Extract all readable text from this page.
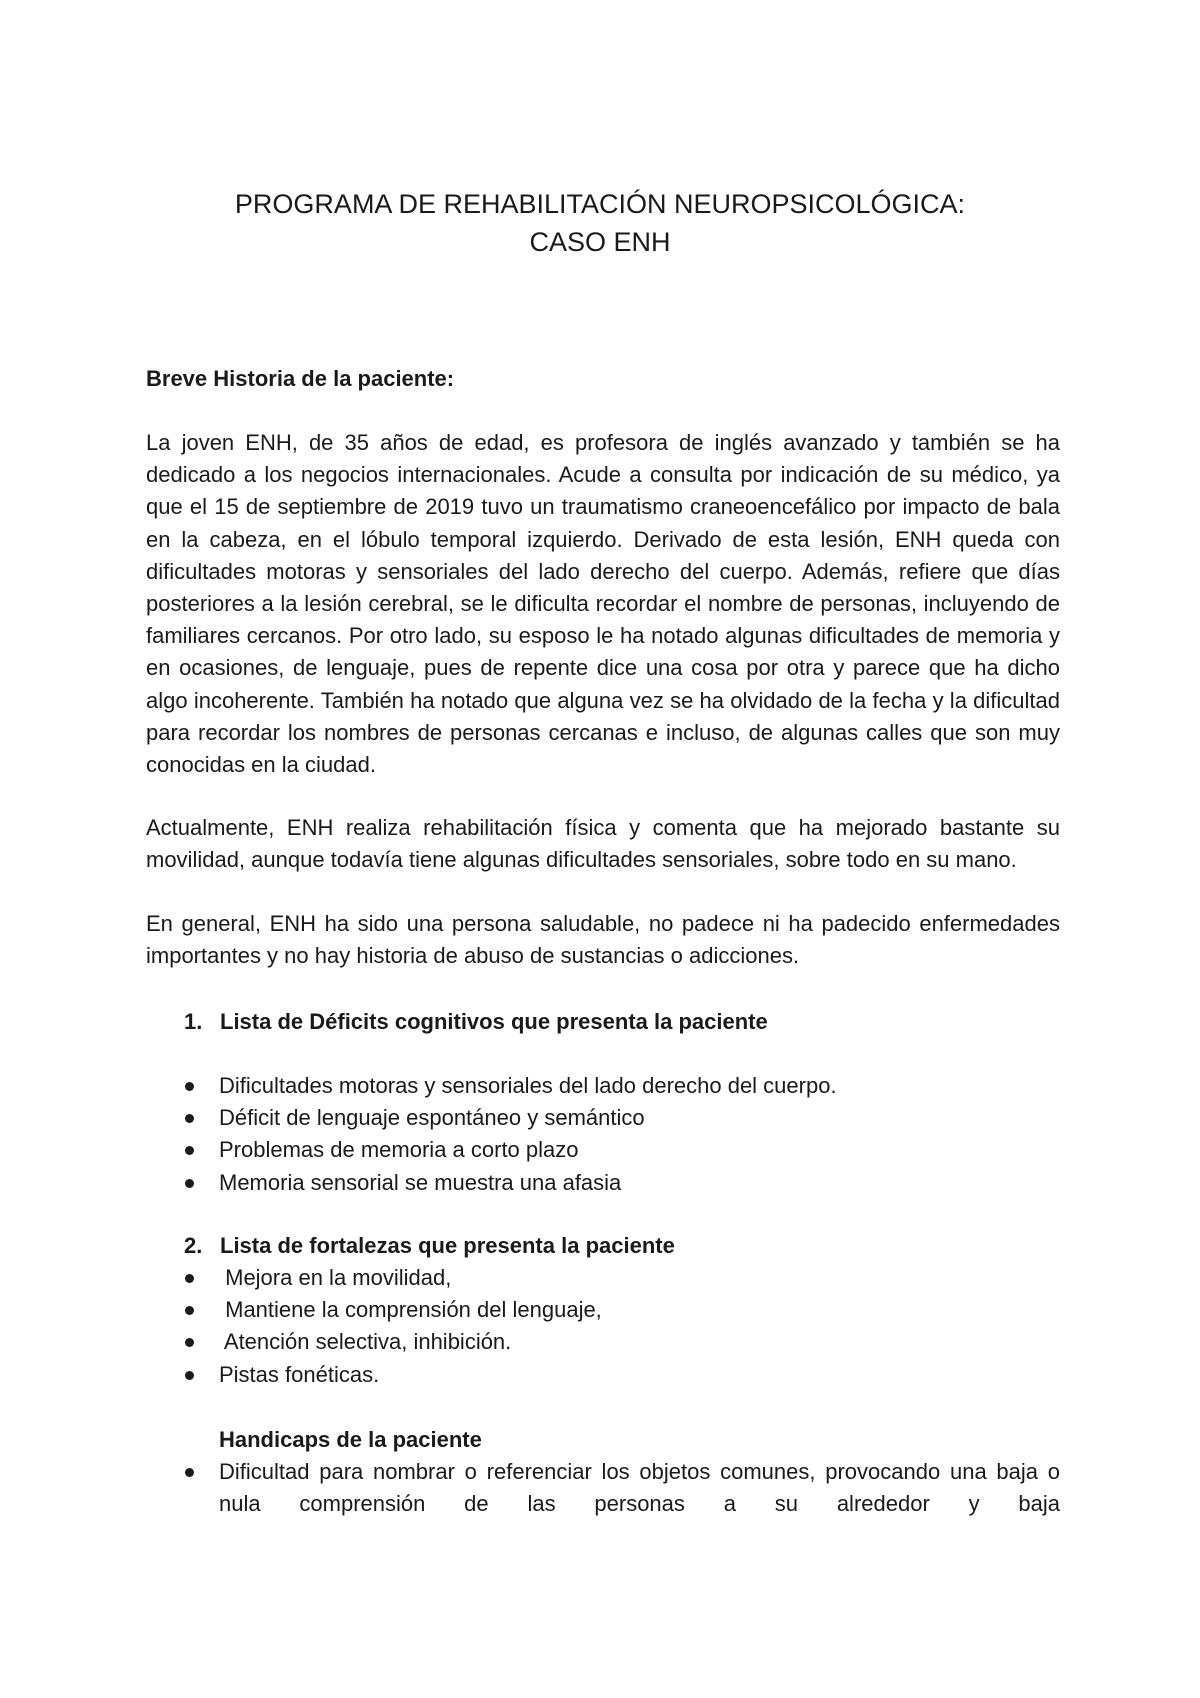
PROGRAMA DE REHABILITACIÓN NEUROPSICOLÓGICA:
CASO ENH
Breve Historia de la paciente:

La joven ENH, de 35 años de edad, es profesora de inglés avanzado y también se ha dedicado a los negocios internacionales. Acude a consulta por indicación de su médico, ya que el 15 de septiembre de 2019 tuvo un traumatismo craneoencefálico por impacto de bala en la cabeza, en el lóbulo temporal izquierdo. Derivado de esta lesión, ENH queda con dificultades motoras y sensoriales del lado derecho del cuerpo. Además, refiere que días posteriores a la lesión cerebral, se le dificulta recordar el nombre de personas, incluyendo de familiares cercanos. Por otro lado, su esposo le ha notado algunas dificultades de memoria y en ocasiones, de lenguaje, pues de repente dice una cosa por otra y parece que ha dicho algo incoherente. También ha notado que alguna vez se ha olvidado de la fecha y la dificultad para recordar los nombres de personas cercanas e incluso, de algunas calles que son muy conocidas en la ciudad.

Actualmente, ENH realiza rehabilitación física y comenta que ha mejorado bastante su movilidad, aunque todavía tiene algunas dificultades sensoriales, sobre todo en su mano.

En general, ENH ha sido una persona saludable, no padece ni ha padecido enfermedades importantes y no hay historia de abuso de sustancias o adicciones.

1. Lista de Déficits cognitivos que presenta la paciente
Dificultades motoras y sensoriales del lado derecho del cuerpo.
Déficit de lenguaje espontáneo y semántico
Problemas de memoria a corto plazo
Memoria sensorial se muestra una afasia
2. Lista de fortalezas que presenta la paciente
Mejora en la movilidad,
Mantiene la comprensión del lenguaje,
Atención selectiva, inhibición.
Pistas fonéticas.
Handicaps de la paciente
Dificultad para nombrar o referenciar los objetos comunes, provocando una baja o nula comprensión de las personas a su alrededor y baja
